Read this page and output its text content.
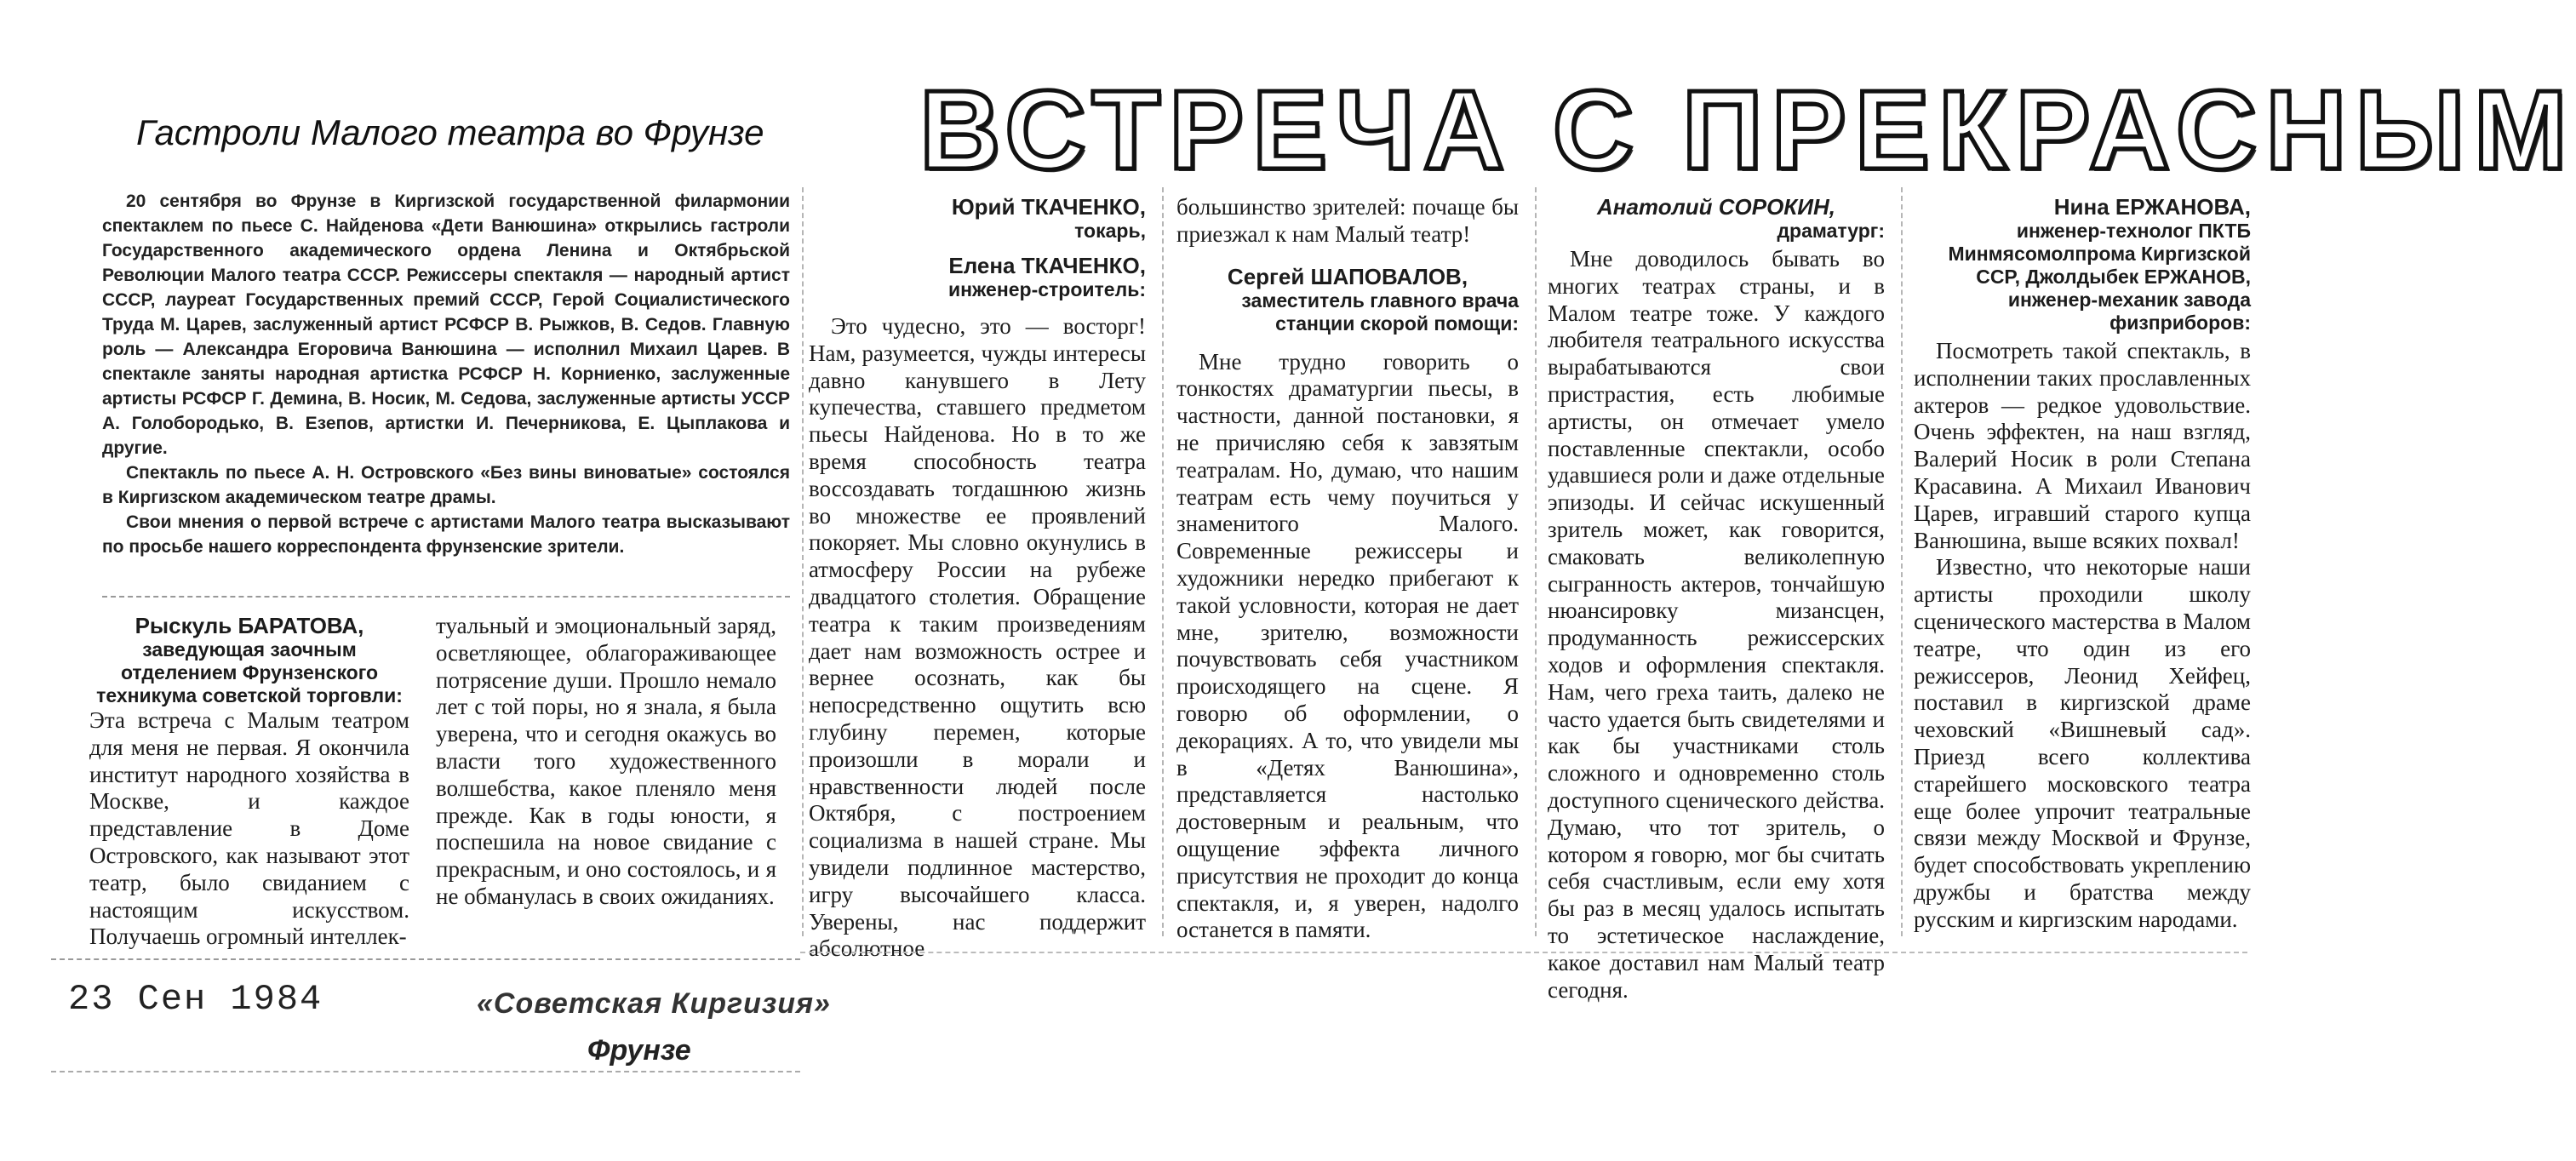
Гастроли Малого театра во Фрунзе	ВСТРЕЧА С ПРЕКРАСНЫМ

20 сентября во Фрунзе в Киргизской государственной филармонии спектаклем по пьесе С. Найденова «Дети Ванюшина» открылись гастроли Государственного академического ордена Ленина и Октябрьской Революции Малого театра СССР. Режиссеры спектакля — народный артист СССР, лауреат Государственных премий СССР, Герой Социалистического Труда М. Царев, заслуженный артист РСФСР В. Рыжков, В. Седов. Главную роль — Александра Егоровича Ванюшина — исполнил Михаил Царев. В спектакле заняты народная артистка РСФСР Н. Корниенко, заслуженные артисты РСФСР Г. Демина, В. Носик, М. Седова, заслуженные артисты УССР А. Голобородько, В. Езепов, артистки И. Печерникова, Е. Цыплакова и другие.

Спектакль по пьесе А. Н. Островского «Без вины виноватые» состоялся в Киргизском академическом театре драмы.

Свои мнения о первой встрече с артистами Малого театра высказывают по просьбе нашего корреспондента фрунзенские зрители.

Рыскуль БАРАТОВА,
заведующая заочным отделением Фрунзенского техникума советской торговли:

Эта встреча с Малым театром для меня не первая. Я окончила институт народного хозяйства в Москве, и каждое представление в Доме Островского, как называют этот театр, было свиданием с настоящим искусством. Получаешь огромный интеллек-

туальный и эмоциональный заряд, осветляющее, облагораживающее потрясение души. Прошло немало лет с той поры, но я знала, я была уверена, что и сегодня окажусь во власти того художественного волшебства, какое пленяло меня прежде. Как в годы юности, я поспешила на новое свидание с прекрасным, и оно состоялось, и я не обманулась в своих ожиданиях.

Юрий ТКАЧЕНКО,
токарь,
Елена ТКАЧЕНКО,
инженер-строитель:

Это чудесно, это — восторг! Нам, разумеется, чужды интересы давно канувшего в Лету купечества, ставшего предметом пьесы Найденова. Но в то же время способность театра воссоздавать тогдашнюю жизнь во множестве ее проявлений покоряет. Мы словно окунулись в атмосферу России на рубеже двадцатого столетия. Обращение театра к таким произведениям дает нам возможность острее и вернее осознать, как бы непосредственно ощутить всю глубину перемен, которые произошли в морали и нравственности людей после Октября, с построением социализма в нашей стране. Мы увидели подлинное мастерство, игру высочайшего класса. Уверены, нас поддержит абсолютное

большинство зрителей: почаще бы приезжал к нам Малый театр!

Сергей ШАПОВАЛОВ,
заместитель главного врача станции скорой помощи:

Мне трудно говорить о тонкостях драматургии пьесы, в частности, данной постановки, я не причисляю себя к завзятым театралам. Но, думаю, что нашим театрам есть чему поучиться у знаменитого Малого. Современные режиссеры и художники нередко прибегают к такой условности, которая не дает мне, зрителю, возможности почувствовать себя участником происходящего на сцене. Я говорю об оформлении, о декорациях. А то, что увидели мы в «Детях Ванюшина», представляется настолько достоверным и реальным, что ощущение эффекта личного присутствия не проходит до конца спектакля, и, я уверен, надолго останется в памяти.

Анатолий СОРОКИН,
драматург:

Мне доводилось бывать во многих театрах страны, и в Малом театре тоже. У каждого любителя театрального искусства вырабатываются свои пристрастия, есть любимые артисты, он отмечает умело поставленные спектакли, особо удавшиеся роли и даже отдельные эпизоды. И сейчас искушенный зритель может, как говорится, смаковать великолепную сыгранность актеров, тончайшую нюансировку мизансцен, продуманность режиссерских ходов и оформления спектакля. Нам, чего греха таить, далеко не часто удается быть свидетелями и как бы участниками столь сложного и одновременно столь доступного сценического действа. Думаю, что тот зритель, о котором я говорю, мог бы считать себя счастливым, если ему хотя бы раз в месяц удалось испытать то эстетическое наслаждение, какое доставил нам Малый театр сегодня.

Нина ЕРЖАНОВА,
инженер-технолог ПКТБ Минмясомолпрома Киргизской ССР, Джолдыбек ЕРЖАНОВ, инженер-механик завода физприборов:

Посмотреть такой спектакль, в исполнении таких прославленных актеров — редкое удовольствие. Очень эффектен, на наш взгляд, Валерий Носик в роли Степана Красавина. А Михаил Иванович Царев, игравший старого купца Ванюшина, выше всяких похвал!

Известно, что некоторые наши артисты проходили школу сценического мастерства в Малом театре, что один из его режиссеров, Леонид Хейфец, поставил в киргизской драме чеховский «Вишневый сад». Приезд всего коллектива старейшего московского театра еще более упрочит театральные связи между Москвой и Фрунзе, будет способствовать укреплению дружбы и братства между русским и киргизским народами.

23 Сен 1984	«Советская Киргизия»
Фрунзе
